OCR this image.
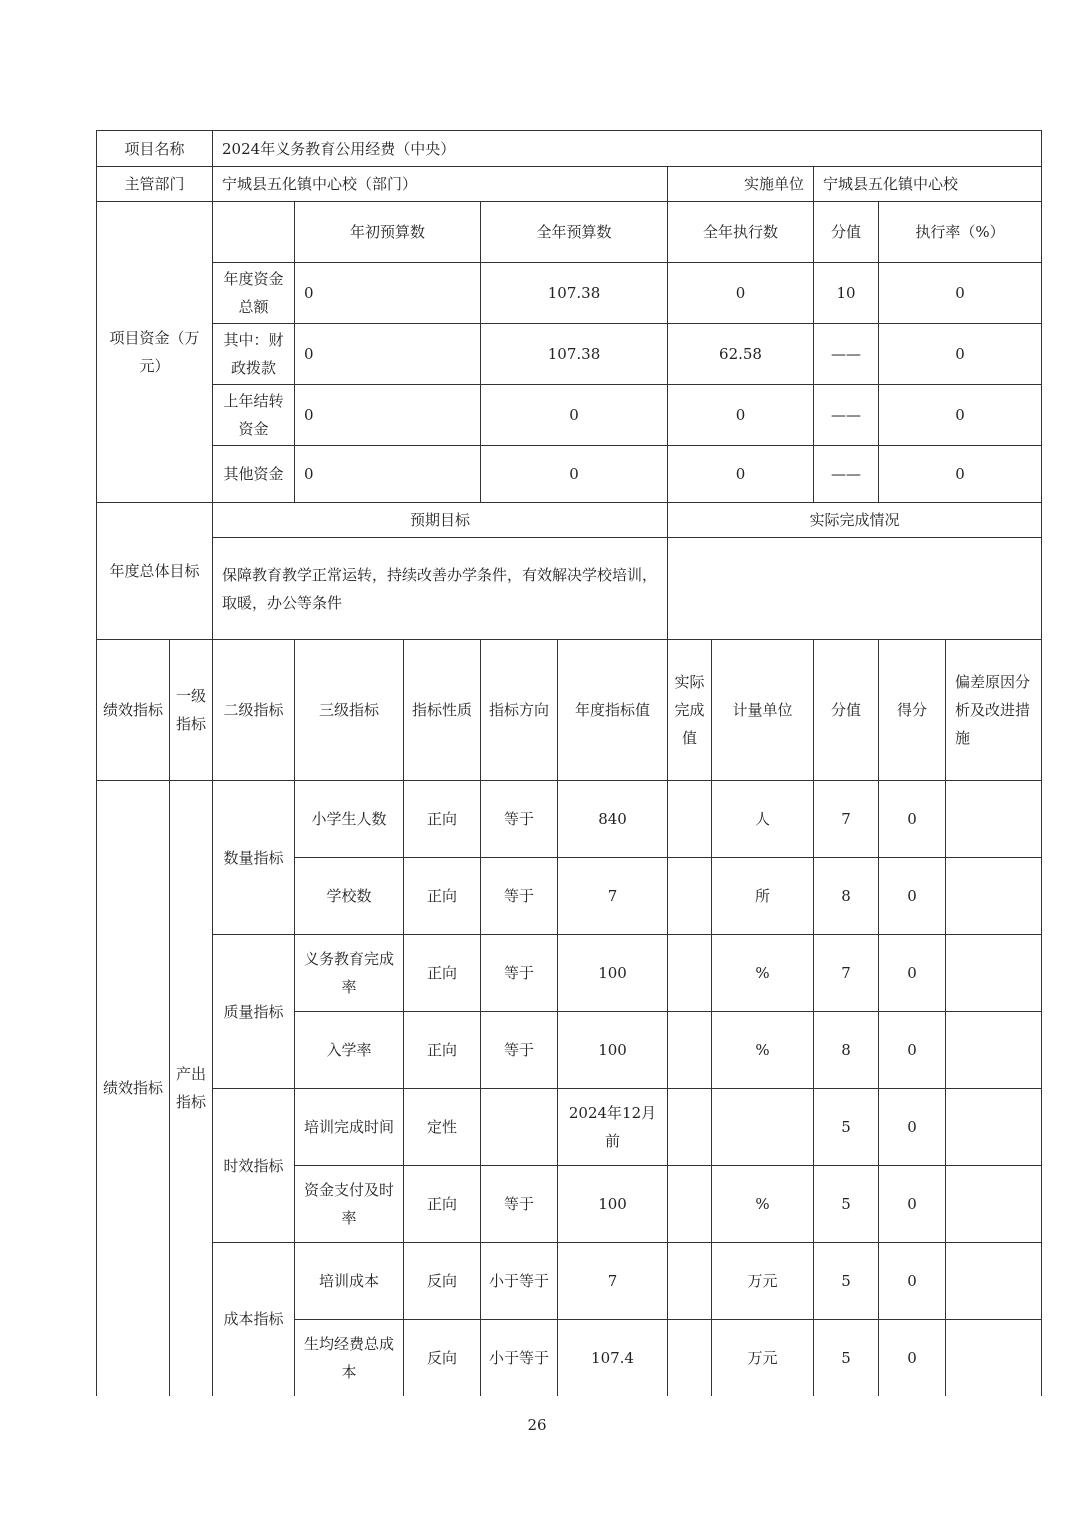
项目名称		2024年义务教育公用经费（中央）										
主管部门		宁城县五化镇中心校（部门）					实施单位		宁城县五化镇中心校			
项目资金（万元）			年初预算数		全年预算数		全年执行数		分值	执行率（%）	
		年度资金总额	0		107.38		0		10	0	
		其中：财政拨款	0		107.38		62.58		——	0	
		上年结转资金	0		0		0		——	0	
		其他资金	0		0		0		——	0	
年度总体目标		预期目标					实际完成情况					
		保障教育教学正常运转，持续改善办学条件，有效解决学校培训，取暖，办公等条件										
绩效指标	一级指标	二级指标	三级指标	指标性质	指标方向	年度指标值	实际完成值	计量单位	分值	得分	偏差原因分析及改进措施	
绩效指标	产出指标	数量指标	小学生人数	正向	等于	840		人	7	0		
			学校数	正向	等于	7		所	8	0		
		质量指标	义务教育完成率	正向	等于	100		%	7	0		
			入学率	正向	等于	100		%	8	0		
		时效指标	培训完成时间	定性		2024年12月前			5	0		
			资金支付及时率	正向	等于	100		%	5	0		
		成本指标	培训成本	反向	小于等于	7		万元	5	0		
			生均经费总成本	反向	小于等于	107.4		万元	5	0		
26
